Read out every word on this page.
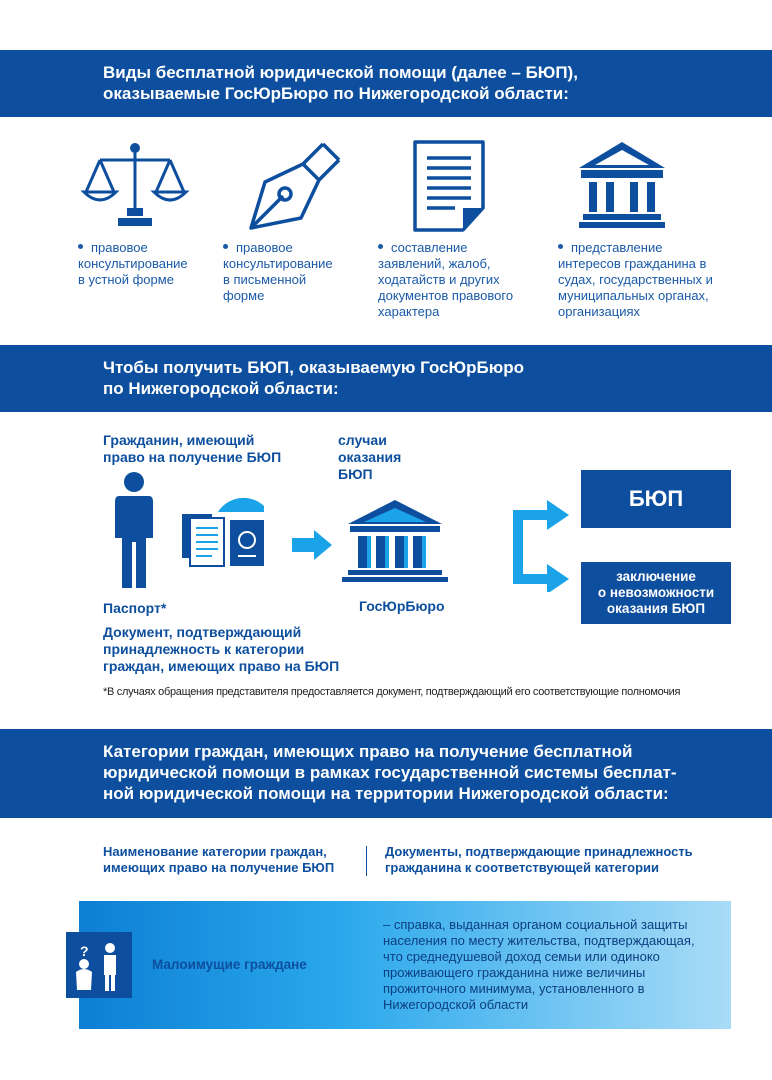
Виды бесплатной юридической помощи (далее – БЮП),
оказываемые ГосЮрБюро по Нижегородской области:
правовое
консультирование
в устной форме
правовое
консультирование
в письменной
форме
составление
заявлений, жалоб,
ходатайств и других
документов правового
характера
представление
интересов гражданина в
судах, государственных и
муниципальных органах,
организациях
Чтобы получить БЮП, оказываемую ГосЮрБюро
по Нижегородской области:
Гражданин, имеющий
право на получение БЮП
случаи
оказания
БЮП
ГосЮрБюро
БЮП
заключение
о невозможности
оказания БЮП
Паспорт*
Документ, подтверждающий
принадлежность к категории
граждан, имеющих право на БЮП
*В случаях обращения представителя предоставляется документ, подтверждающий его соответствующие полномочия
Категории граждан, имеющих право на получение бесплатной
юридической помощи в рамках государственной системы бесплат-
ной юридической помощи на территории Нижегородской области:
Наименование категории граждан,
имеющих право на получение БЮП
Документы, подтверждающие принадлежность
гражданина к соответствующей категории
?
Малоимущие граждане
– справка, выданная органом социальной защиты
населения по месту жительства, подтверждающая,
что среднедушевой доход семьи или одиноко
проживающего гражданина ниже величины
прожиточного минимума, установленного в
Нижегородской области
